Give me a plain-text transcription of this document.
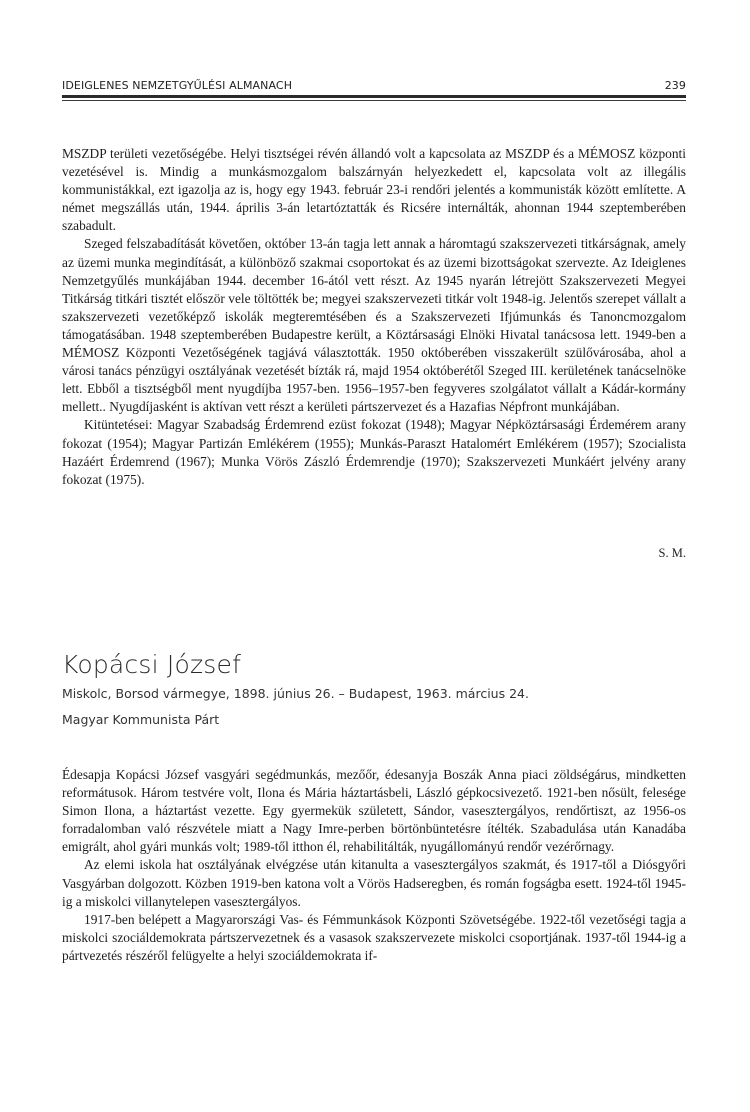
IDEIGLENES NEMZETGYŰLÉSI ALMANACH	239

MSZDP területi vezetőségébe. Helyi tisztségei révén állandó volt a kapcsolata az MSZDP és a MÉMOSZ központi vezetésével is. Mindig a munkásmozgalom balszárnyán helyezkedett el, kapcsolata volt az illegális kommunistákkal, ezt igazolja az is, hogy egy 1943. február 23-i rendőri jelentés a kommunisták között említette. A német megszállás után, 1944. április 3-án letartóztatták és Ricsére internálták, ahonnan 1944 szeptemberében szabadult.

Szeged felszabadítását követően, október 13-án tagja lett annak a háromtagú szakszervezeti titkárságnak, amely az üzemi munka megindítását, a különböző szakmai csoportokat és az üzemi bizottságokat szervezte. Az Ideiglenes Nemzetgyűlés munkájában 1944. december 16-ától vett részt. Az 1945 nyarán létrejött Szakszervezeti Megyei Titkárság titkári tisztét először vele töltötték be; megyei szakszervezeti titkár volt 1948-ig. Jelentős szerepet vállalt a szakszervezeti vezetőképző iskolák megteremtésében és a Szakszervezeti Ifjúmunkás és Tanoncmozgalom támogatásában. 1948 szeptemberében Budapestre került, a Köztársasági Elnöki Hivatal tanácsosa lett. 1949-ben a MÉMOSZ Központi Vezetőségének tagjává választották. 1950 októberében visszakerült szülővárosába, ahol a városi tanács pénzügyi osztályának vezetését bízták rá, majd 1954 októberétől Szeged III. kerületének tanácselnöke lett. Ebből a tisztségből ment nyugdíjba 1957-ben. 1956–1957-ben fegyveres szolgálatot vállalt a Kádár-kormány mellett.. Nyugdíjasként is aktívan vett részt a kerületi pártszervezet és a Hazafias Népfront munkájában.

Kitüntetései: Magyar Szabadság Érdemrend ezüst fokozat (1948); Magyar Népköztársasági Érdemérem arany fokozat (1954); Magyar Partizán Emlékérem (1955); Munkás-Paraszt Hatalomért Emlékérem (1957); Szocialista Hazáért Érdemrend (1967); Munka Vörös Zászló Érdemrendje (1970); Szakszervezeti Munkáért jelvény arany fokozat (1975).

S. M.
Kopácsi József
Miskolc, Borsod vármegye, 1898. június 26. – Budapest, 1963. március 24.
Magyar Kommunista Párt

Édesapja Kopácsi József vasgyári segédmunkás, mezőőr, édesanyja Boszák Anna piaci zöldségárus, mindketten reformátusok. Három testvére volt, Ilona és Mária háztartásbeli, László gépkocsivezető. 1921-ben nősült, felesége Simon Ilona, a háztartást vezette. Egy gyermekük született, Sándor, vasesztergályos, rendőrtiszt, az 1956-os forradalomban való részvétele miatt a Nagy Imre-perben börtönbüntetésre ítélték. Szabadulása után Kanadába emigrált, ahol gyári munkás volt; 1989-től itthon él, rehabilitálták, nyugállományú rendőr vezérőrnagy.

Az elemi iskola hat osztályának elvégzése után kitanulta a vasesztergályos szakmát, és 1917-től a Diósgyőri Vasgyárban dolgozott. Közben 1919-ben katona volt a Vörös Hadseregben, és román fogságba esett. 1924-től 1945-ig a miskolci villanytelepen vasesztergályos.

1917-ben belépett a Magyarországi Vas- és Fémmunkások Központi Szövetségébe. 1922-től vezetőségi tagja a miskolci szociáldemokrata pártszervezetnek és a vasasok szakszervezete miskolci csoportjának. 1937-től 1944-ig a pártvezetés részéről felügyelte a helyi szociáldemokrata if-
